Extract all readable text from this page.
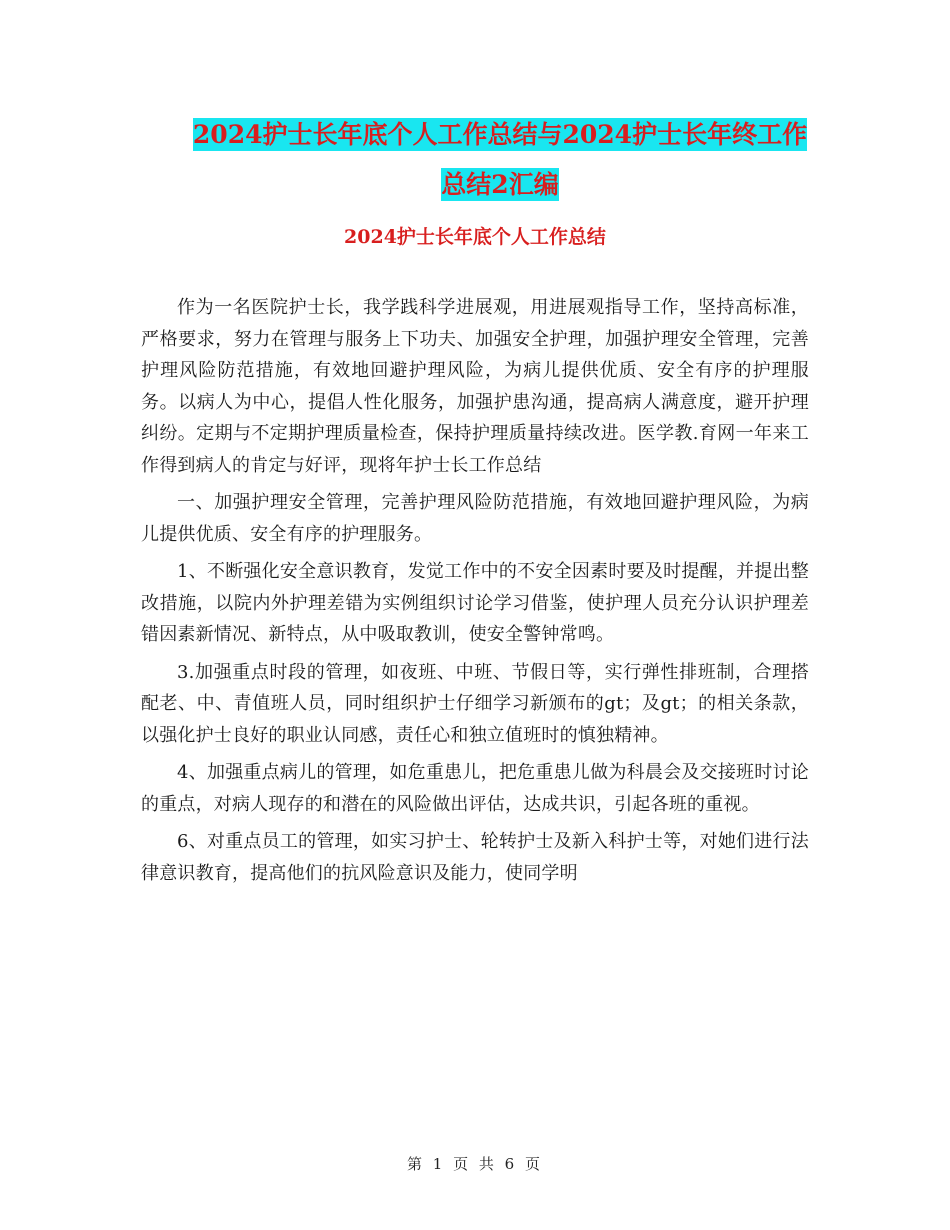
2024护士长年底个人工作总结与2024护士长年终工作
总结2汇编
2024护士长年底个人工作总结

作为一名医院护士长，我学践科学进展观，用进展观指导工作，坚持高标准，严格要求，努力在管理与服务上下功夫、加强安全护理，加强护理安全管理，完善护理风险防范措施，有效地回避护理风险，为病儿提供优质、安全有序的护理服务。以病人为中心，提倡人性化服务，加强护患沟通，提高病人满意度，避开护理纠纷。定期与不定期护理质量检查，保持护理质量持续改进。医学教.育网一年来工作得到病人的肯定与好评，现将年护士长工作总结

一、加强护理安全管理，完善护理风险防范措施，有效地回避护理风险，为病儿提供优质、安全有序的护理服务。

1、不断强化安全意识教育，发觉工作中的不安全因素时要及时提醒，并提出整改措施，以院内外护理差错为实例组织讨论学习借鉴，使护理人员充分认识护理差错因素新情况、新特点，从中吸取教训，使安全警钟常鸣。

3.加强重点时段的管理，如夜班、中班、节假日等，实行弹性排班制，合理搭配老、中、青值班人员，同时组织护士仔细学习新颁布的gt；及gt；的相关条款，以强化护士良好的职业认同感，责任心和独立值班时的慎独精神。

4、加强重点病儿的管理，如危重患儿，把危重患儿做为科晨会及交接班时讨论的重点，对病人现存的和潜在的风险做出评估，达成共识，引起各班的重视。

6、对重点员工的管理，如实习护士、轮转护士及新入科护士等，对她们进行法律意识教育，提高他们的抗风险意识及能力，使同学明

第 1 页 共 6 页
